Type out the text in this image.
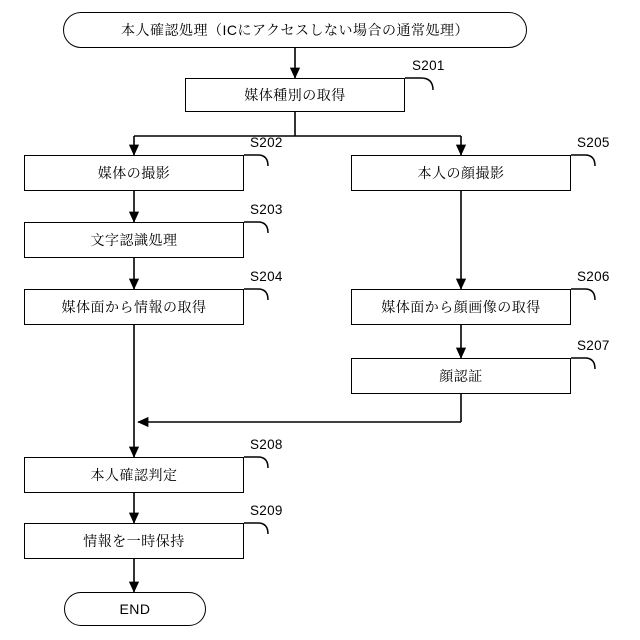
本人確認処理（ICにアクセスしない場合の通常処理）
媒体種別の取得
S201
媒体の撮影
S202
文字認識処理
S203
媒体面から情報の取得
S204
本人の顔撮影
S205
媒体面から顔画像の取得
S206
顔認証
S207
本人確認判定
S208
情報を一時保持
S209
END
